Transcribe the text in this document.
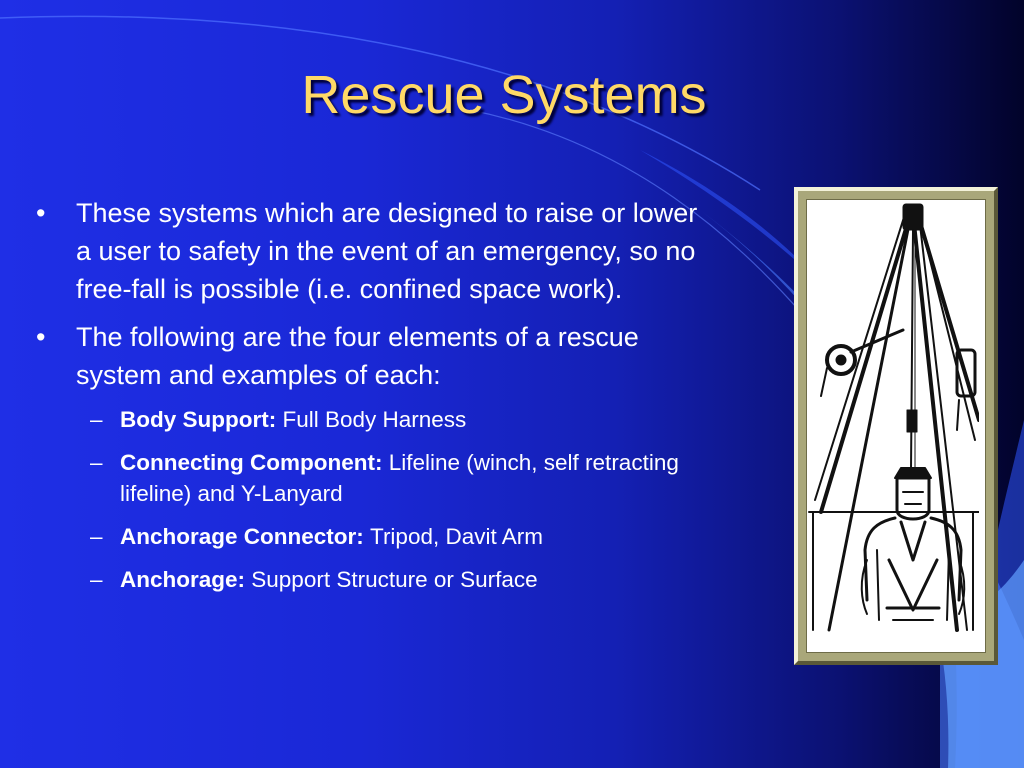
Rescue Systems
• These systems which are designed to raise or lower a user to safety in the event of an emergency, so no free-fall is possible (i.e. confined space work).
• The following are the four elements of a rescue system and examples of each:
– Body Support: Full Body Harness
– Connecting Component: Lifeline (winch, self retracting lifeline) and Y-Lanyard
– Anchorage Connector: Tripod, Davit Arm
– Anchorage: Support Structure or Surface
